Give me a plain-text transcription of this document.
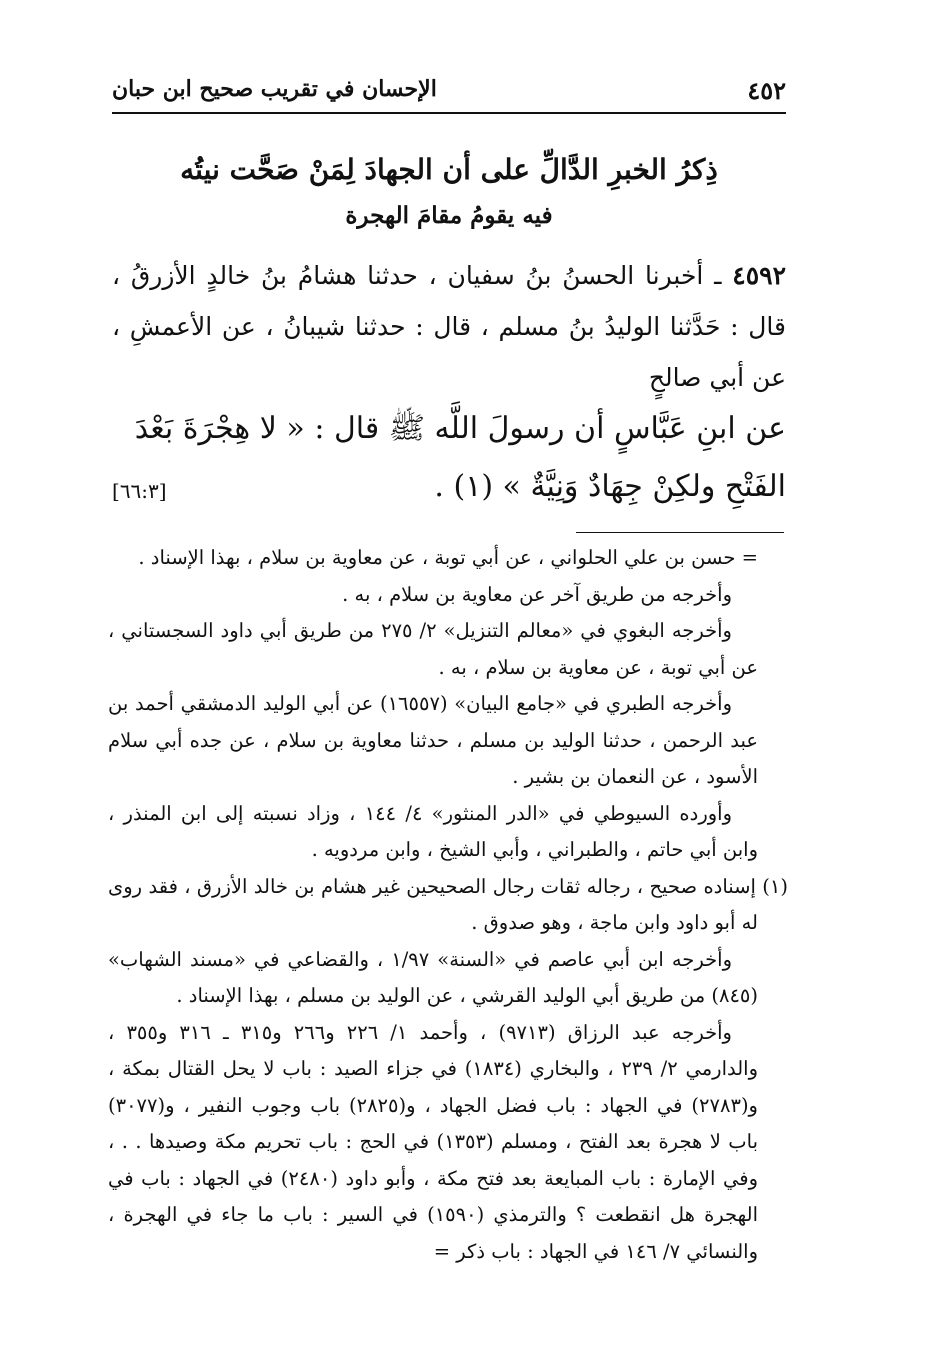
٤٥٢
الإحسان في تقريب صحيح ابن حبان
ذِكرُ الخبرِ الدَّالِّ على أن الجهادَ لِمَنْ صَحَّت نيتُه
فيه يقومُ مقامَ الهجرة

٤٥٩٢ ـ أخبرنا الحسنُ بنُ سفيان ، حدثنا هشامُ بنُ خالدٍ الأزرقُ ، قال : حَدَّثنا الوليدُ بنُ مسلم ، قال : حدثنا شيبانُ ، عن الأعمشِ ، عن أبي صالحٍ

عن ابنِ عَبَّاسٍ أن رسولَ اللَّه ﷺ قال : « لا هِجْرَةَ بَعْدَ الفَتْحِ ولكِنْ جِهَادٌ وَنِيَّةٌ » (١) .
[٦٦:٣]

= حسن بن علي الحلواني ، عن أبي توبة ، عن معاوية بن سلام ، بهذا الإسناد .

وأخرجه من طريق آخر عن معاوية بن سلام ، به .

وأخرجه البغوي في «معالم التنزيل» ٢/ ٢٧٥ من طريق أبي داود السجستاني ، عن أبي توبة ، عن معاوية بن سلام ، به .

وأخرجه الطبري في «جامع البيان» (١٦٥٥٧) عن أبي الوليد الدمشقي أحمد بن عبد الرحمن ، حدثنا الوليد بن مسلم ، حدثنا معاوية بن سلام ، عن جده أبي سلام الأسود ، عن النعمان بن بشير .

وأورده السيوطي في «الدر المنثور» ٤/ ١٤٤ ، وزاد نسبته إلى ابن المنذر ، وابن أبي حاتم ، والطبراني ، وأبي الشيخ ، وابن مردويه .

(١) إسناده صحيح ، رجاله ثقات رجال الصحيحين غير هشام بن خالد الأزرق ، فقد روى له أبو داود وابن ماجة ، وهو صدوق .

وأخرجه ابن أبي عاصم في «السنة» ١/٩٧ ، والقضاعي في «مسند الشهاب» (٨٤٥) من طريق أبي الوليد القرشي ، عن الوليد بن مسلم ، بهذا الإسناد .

وأخرجه عبد الرزاق (٩٧١٣) ، وأحمد ١/ ٢٢٦ و٢٦٦ و٣١٥ ـ ٣١٦ و٣٥٥ ، والدارمي ٢/ ٢٣٩ ، والبخاري (١٨٣٤) في جزاء الصيد : باب لا يحل القتال بمكة ، و(٢٧٨٣) في الجهاد : باب فضل الجهاد ، و(٢٨٢٥) باب وجوب النفير ، و(٣٠٧٧) باب لا هجرة بعد الفتح ، ومسلم (١٣٥٣) في الحج : باب تحريم مكة وصيدها . . ، وفي الإمارة : باب المبايعة بعد فتح مكة ، وأبو داود (٢٤٨٠) في الجهاد : باب في الهجرة هل انقطعت ؟ والترمذي (١٥٩٠) في السير : باب ما جاء في الهجرة ، والنسائي ٧/ ١٤٦ في الجهاد : باب ذكر =
